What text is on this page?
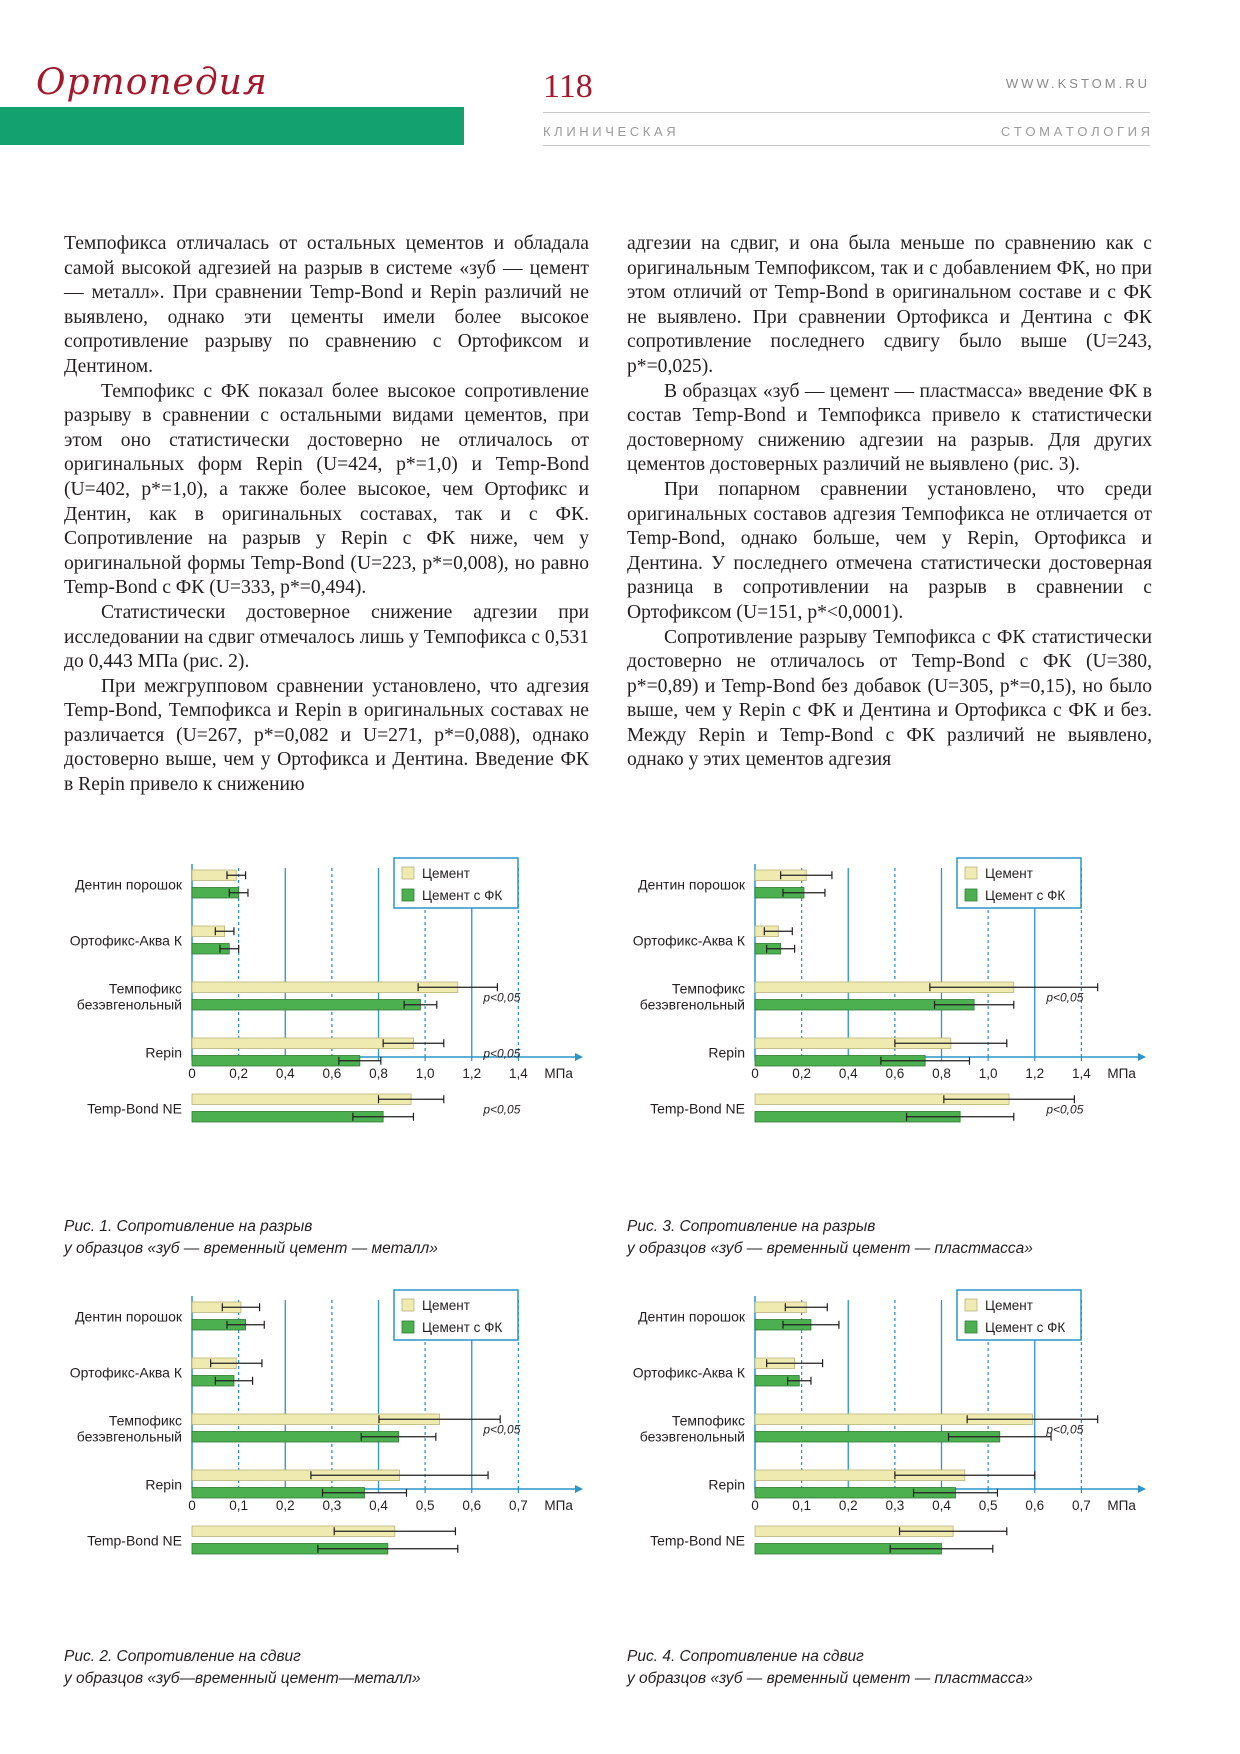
Ортопедия	118	WWW.KSTOM.RU
К Л И Н И Ч Е С К А Я	С Т О М А Т О Л О Г И Я

Темпофикса отличалась от остальных цементов и обладала самой высокой адгезией на разрыв в системе «зуб — цемент — металл». При сравнении Temp-Bond и Repin различий не выявлено, однако эти цементы имели более высокое сопротивление разрыву по сравнению с Ортофиксом и Дентином.

Темпофикс с ФК показал более высокое сопротивление разрыву в сравнении с остальными видами цементов, при этом оно статистически достоверно не отличалось от оригинальных форм Repin (U=424, p*=1,0) и Temp-Bond (U=402, p*=1,0), а также более высокое, чем Ортофикс и Дентин, как в оригинальных составах, так и с ФК. Сопротивление на разрыв у Repin с ФК ниже, чем у оригинальной формы Temp-Bond (U=223, p*=0,008), но равно Temp-Bond с ФК (U=333, p*=0,494).

Статистически достоверное снижение адгезии при исследовании на сдвиг отмечалось лишь у Темпофикса с 0,531 до 0,443 МПа (рис. 2).

При межгрупповом сравнении установлено, что адгезия Temp-Bond, Темпофикса и Repin в оригинальных составах не различается (U=267, p*=0,082 и U=271, p*=0,088), однако достоверно выше, чем у Ортофикса и Дентина. Введение ФК в Repin привело к снижению

адгезии на сдвиг, и она была меньше по сравнению как с оригинальным Темпофиксом, так и с добавлением ФК, но при этом отличий от Temp-Bond в оригинальном составе и с ФК не выявлено. При сравнении Ортофикса и Дентина с ФК сопротивление последнего сдвигу было выше (U=243, p*=0,025).

В образцах «зуб — цемент — пластмасса» введение ФК в состав Temp-Bond и Темпофикса привело к статистически достоверному снижению адгезии на разрыв. Для других цементов достоверных различий не выявлено (рис. 3).

При попарном сравнении установлено, что среди оригинальных составов адгезия Темпофикса не отличается от Temp-Bond, однако больше, чем у Repin, Ортофикса и Дентина. У последнего отмечена статистически достоверная разница в сопротивлении на разрыв в сравнении с Ортофиксом (U=151, p*<0,0001).

Сопротивление разрыву Темпофикса с ФК статистически достоверно не отличалось от Temp-Bond с ФК (U=380, p*=0,89) и Temp-Bond без добавок (U=305, p*=0,15), но было выше, чем у Repin с ФК и Дентина и Ортофикса с ФК и без. Между Repin и Temp-Bond с ФК различий не выявлено, однако у этих цементов адгезия

0 0,2 0,4 0,6 0,8 1,0 1,2 1,4 МПа
Дентин порошок
Ортофикс-Аква К
Темпофикс
безэвгенольный	p<0,05
Repin	p<0,05
Temp-Bond NE	p<0,05
Цемент
Цемент с ФК
0 0,1 0,2 0,3 0,4 0,5 0,6 0,7 МПа
Дентин порошок
Ортофикс-Аква К
Темпофикс
безэвгенольный	p<0,05
Repin
Temp-Bond NE
Цемент
Цемент с ФК
0 0,2 0,4 0,6 0,8 1,0 1,2 1,4 МПа
Дентин порошок
Ортофикс-Аква К
Темпофикс
безэвгенольный	p<0,05
Repin
Temp-Bond NE	p<0,05
Цемент
Цемент с ФК
0 0,1 0,2 0,3 0,4 0,5 0,6 0,7 МПа
Дентин порошок
Ортофикс-Аква К
Темпофикс
безэвгенольный	p<0,05
Repin
Temp-Bond NE
Цемент
Цемент с ФК
Рис. 1. Сопротивление на разрыв
у образцов «зуб — временный цемент — металл»
Рис. 2. Сопротивление на сдвиг
у образцов «зуб—временный цемент—металл»
Рис. 3. Сопротивление на разрыв
у образцов «зуб — временный цемент — пластмасса»
Рис. 4. Сопротивление на сдвиг
у образцов «зуб — временный цемент — пластмасса»
